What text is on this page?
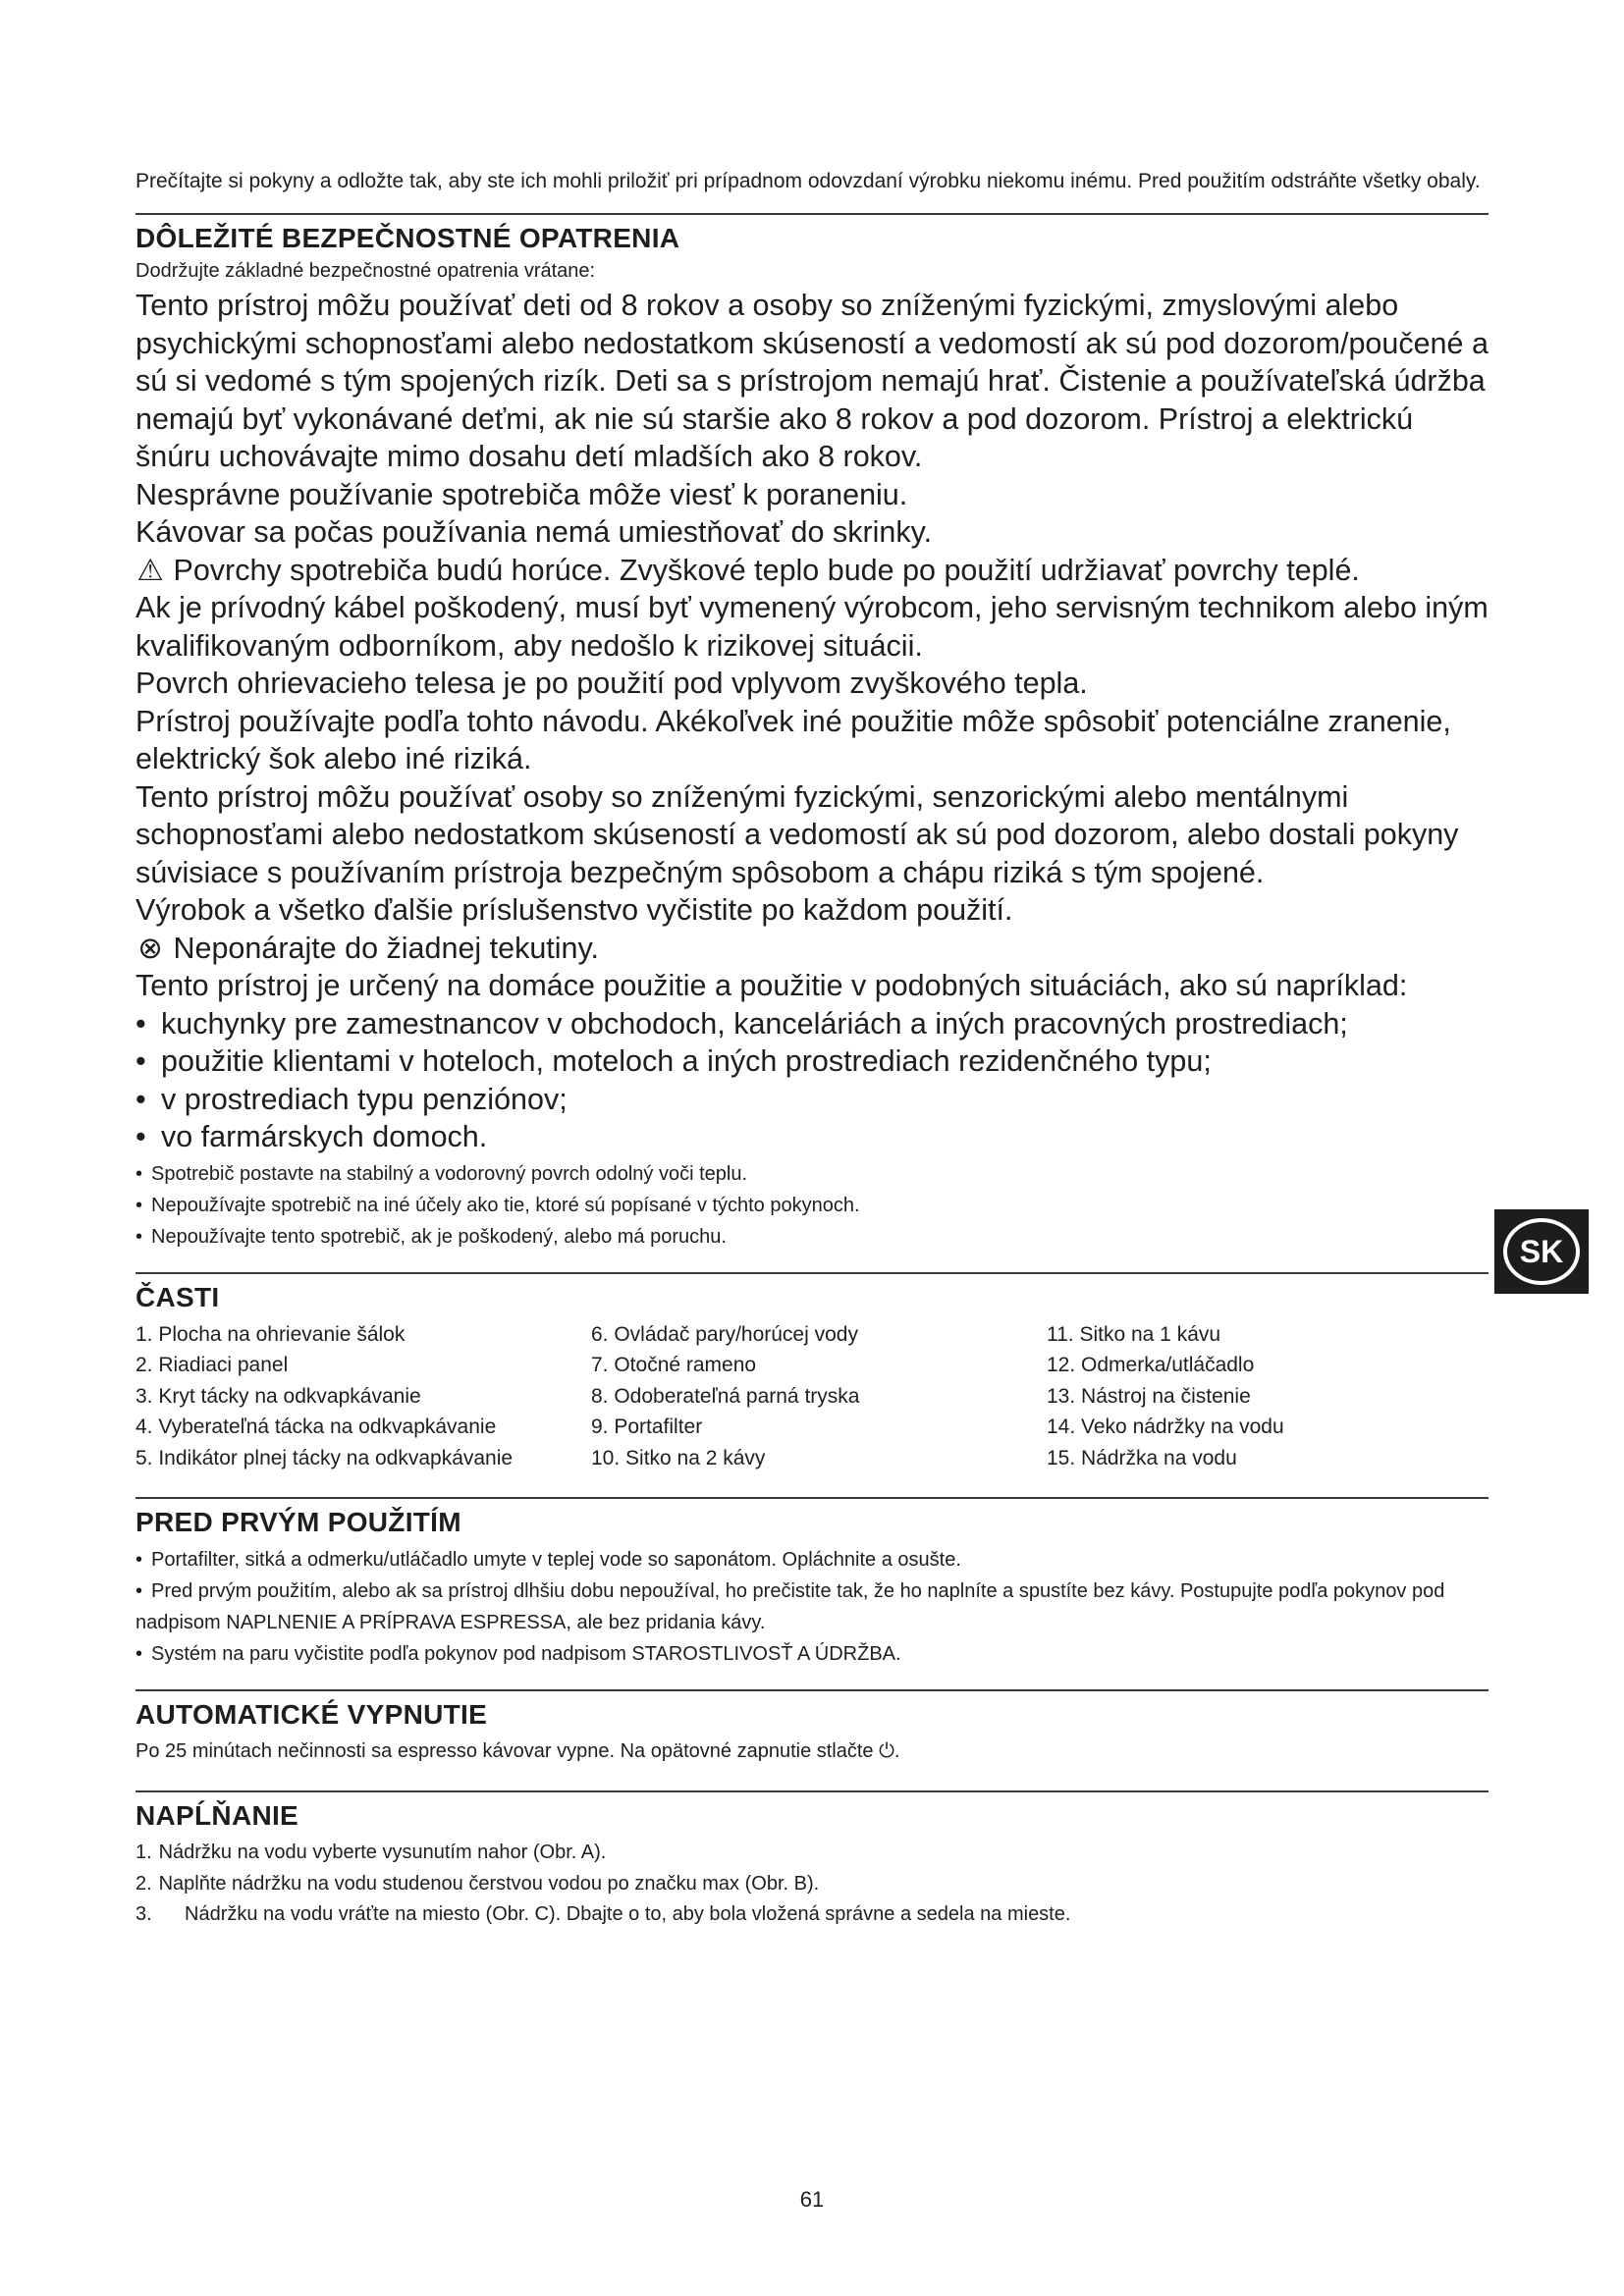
Prečítajte si pokyny a odložte tak, aby ste ich mohli priložiť pri prípadnom odovzdaní výrobku niekomu inému. Pred použitím odstráňte všetky obaly.

DÔLEŽITÉ BEZPEČNOSTNÉ OPATRENIA

Dodržujte základné bezpečnostné opatrenia vrátane:

Tento prístroj môžu používať deti od 8 rokov a osoby so zníženými fyzickými, zmyslovými alebo psychickými schopnosťami alebo nedostatkom skúseností a vedomostí ak sú pod dozorom/poučené a sú si vedomé s tým spojených rizík. Deti sa s prístrojom nemajú hrať. Čistenie a používateľská údržba nemajú byť vykonávané deťmi, ak nie sú staršie ako 8 rokov a pod dozorom. Prístroj a elektrickú šnúru uchovávajte mimo dosahu detí mladších ako 8 rokov.

Nesprávne používanie spotrebiča môže viesť k poraneniu.

Kávovar sa počas používania nemá umiestňovať do skrinky.

⚠ Povrchy spotrebiča budú horúce. Zvyškové teplo bude po použití udržiavať povrchy teplé.

Ak je prívodný kábel poškodený, musí byť vymenený výrobcom, jeho servisným technikom alebo iným kvalifikovaným odborníkom, aby nedošlo k rizikovej situácii.

Povrch ohrievacieho telesa je po použití pod vplyvom zvyškového tepla.

Prístroj používajte podľa tohto návodu. Akékoľvek iné použitie môže spôsobiť potenciálne zranenie, elektrický šok alebo iné riziká.

Tento prístroj môžu používať osoby so zníženými fyzickými, senzorickými alebo mentálnymi schopnosťami alebo nedostatkom skúseností a vedomostí ak sú pod dozorom, alebo dostali pokyny súvisiace s používaním prístroja bezpečným spôsobom a chápu riziká s tým spojené.

Výrobok a všetko ďalšie príslušenstvo vyčistite po každom použití.

⊗ Neponárajte do žiadnej tekutiny.

Tento prístroj je určený na domáce použitie a použitie v podobných situáciách, ako sú napríklad:

• kuchynky pre zamestnancov v obchodoch, kanceláriách a iných pracovných prostrediach;
• použitie klientami v hoteloch, moteloch a iných prostrediach rezidenčného typu;
• v prostrediach typu penziónov;
• vo farmárskych domoch.
• Spotrebič postavte na stabilný a vodorovný povrch odolný voči teplu.
• Nepoužívajte spotrebič na iné účely ako tie, ktoré sú popísané v týchto pokynoch.
• Nepoužívajte tento spotrebič, ak je poškodený, alebo má poruchu.
ČASTI
1. Plocha na ohrievanie šálok
2. Riadiaci panel
3. Kryt tácky na odkvapkávanie
4. Vyberateľná tácka na odkvapkávanie
5. Indikátor plnej tácky na odkvapkávanie
6. Ovládač pary/horúcej vody
7. Otočné rameno
8. Odoberateľná parná tryska
9. Portafilter
10. Sitko na 2 kávy
11. Sitko na 1 kávu
12. Odmerka/utláčadlo
13. Nástroj na čistenie
14. Veko nádržky na vodu
15. Nádržka na vodu
PRED PRVÝM POUŽITÍM
• Portafilter, sitká a odmerku/utláčadlo umyte v teplej vode so saponátom. Opláchnite a osušte.
• Pred prvým použitím, alebo ak sa prístroj dlhšiu dobu nepoužíval, ho prečistite tak, že ho naplníte a spustíte bez kávy. Postupujte podľa pokynov pod nadpisom NAPLNENIE A PRÍPRAVA ESPRESSA, ale bez pridania kávy.
• Systém na paru vyčistite podľa pokynov pod nadpisom STAROSTLIVOSŤ A ÚDRŽBA.
AUTOMATICKÉ VYPNUTIE

Po 25 minútach nečinnosti sa espresso kávovar vypne. Na opätovné zapnutie stlačte ⏻.

NAPĹŇANIE
1. Nádržku na vodu vyberte vysunutím nahor (Obr. A).
2. Naplňte nádržku na vodu studenou čerstvou vodou po značku max (Obr. B).
3. Nádržku na vodu vráťte na miesto (Obr. C). Dbajte o to, aby bola vložená správne a sedela na mieste.
SK
61
